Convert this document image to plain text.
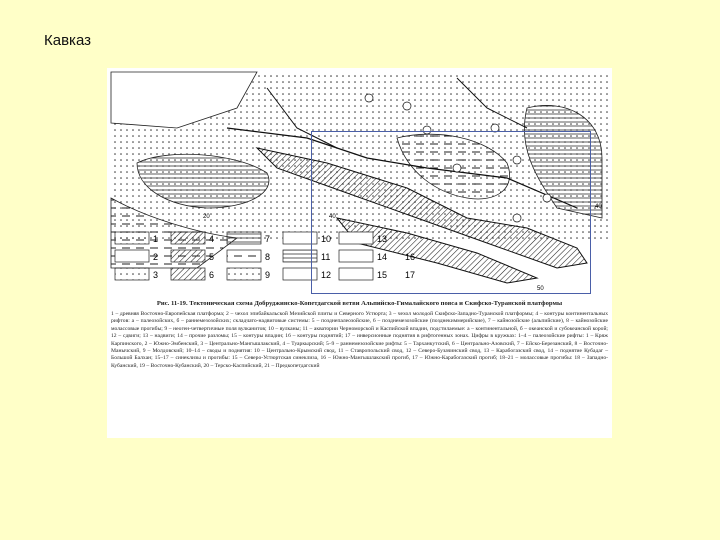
Кавказ
20	40
40
50
1
2
3
4
5
6
7
8
9
10
11
12
13
14
15
16
17
Рис. 11-19. Тектоническая схема Добруджинско-Копетдагской ветви Альпийско-Гималайского пояса и Скифско-Туранской платформы
1 – древняя Восточно-Европейская платформа; 2 – чехол эпибайкальской Мезийской плиты и Северного Устюрта; 3 – чехол молодой Скифско-Западно-Туранской платформы; 4 – контуры континентальных рифтов: а – палеозойских, б – раннемезозойских; складчато-надвиговые системы: 5 – позднепалеозойские, 6 – позднемезозойские (позднекиммерийские), 7 – кайнозойские (альпийские), 8 – кайнозойские молассовые прогибы; 9 – неоген-четвертичные поля вулканитов; 10 – вулканы; 11 – акватории Черноморской и Каспийской впадин, подстилаемые: а – континентальной, б – океанской и субокеанской корой; 12 – сдвиги; 13 – надвиги; 14 – прочие разломы; 15 – контуры впадин; 16 – контуры поднятий; 17 – инверсионные поднятия в рифтогенных зонах. Цифры в кружках: 1–4 – палеозойские рифты: 1 – Кряж Карпинского, 2 – Южно-Эмбенский, 3 – Центрально-Мангышлакский, 4 – Туаркырский; 5–9 – раннемезозойские рифты: 5 – Тарханкутский, 6 – Центрально-Азовский, 7 – Ейско-Березанский, 8 – Восточно-Манычский, 9 – Молдовский; 10–14 – своды и поднятия: 10 – Центрально-Крымский свод, 11 – Ставропольский свод, 12 – Северо-Бузачинский свод, 13 – Карабогазский свод, 14 – поднятие Кубадаг – Большой Балхан; 15–17 – синеклизы и прогибы: 15 – Северо-Устюртская синеклиза, 16 – Южно-Мангышлакский прогиб, 17 – Южно-Карабогазский прогиб; 18–21 – молассовые прогибы: 18 – Западно-Кубанский, 19 – Восточно-Кубанский, 20 – Терско-Каспийский, 21 – Предкопетдагский
